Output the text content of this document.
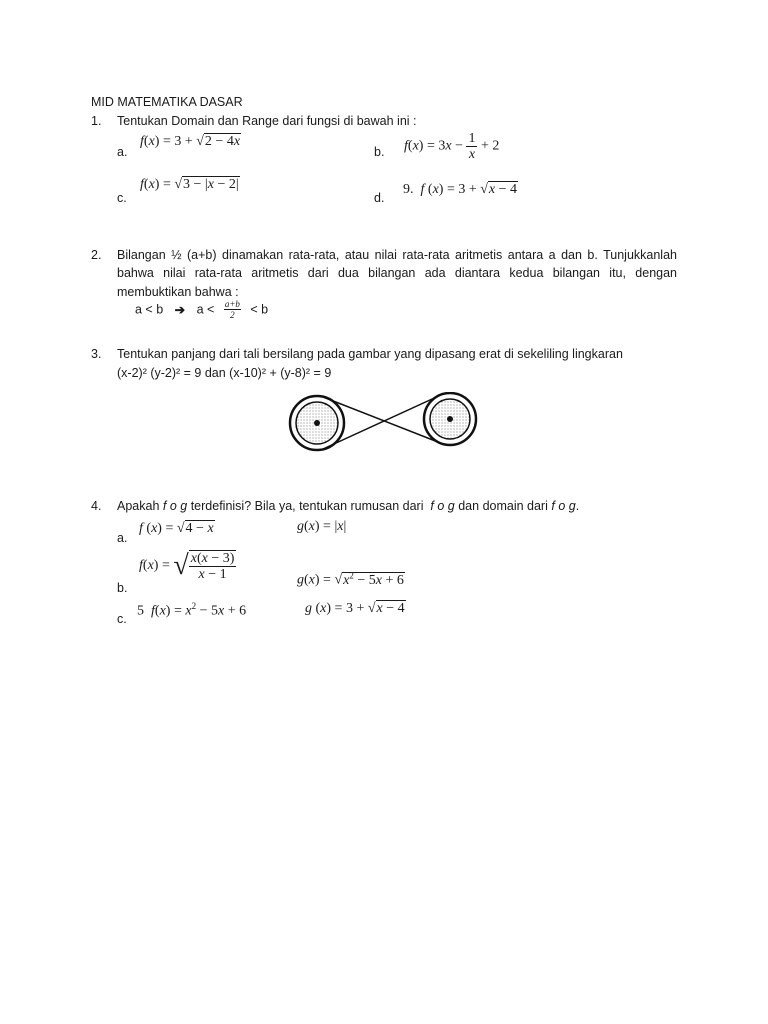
MID MATEMATIKA DASAR
1. Tentukan Domain dan Range dari fungsi di bawah ini :
a.
f(x) = 3 + √2 − 4x
b. $f(x) = 3x - \frac{1}{x} + 2$
c.
f(x) = √3 − |x − 2|
d.
9. f (x) = 3 + √x − 4
2. Bilangan ½ (a+b) dinamakan rata-rata, atau nilai rata-rata aritmetis antara a dan b. Tunjukkanlah
bahwa nilai rata-rata aritmetis dari dua bilangan ada diantara kedua bilangan itu, dengan
membuktikan bahwa :
a < b ➔ $a < \frac{a+b}{2} < b$
3. Tentukan panjang dari tali bersilang pada gambar yang dipasang erat di sekeliling lingkaran
(x-2)² (y-2)² = 9 dan (x-10)² + (y-8)² = 9
4. Apakah f o g terdefinisi? Bila ya, tentukan rumusan dari f o g dan domain dari f o g.
a.
f (x) = √4 − x	g(x) = |x|
b.
f(x) = √ $\frac{x(x - 3)}{x - 1}$	$g(x) = √x^2 - 5x + 6$
c.
5 $f(x) = x^2 - 5x + 6$	g (x) = 3 + √x − 4
